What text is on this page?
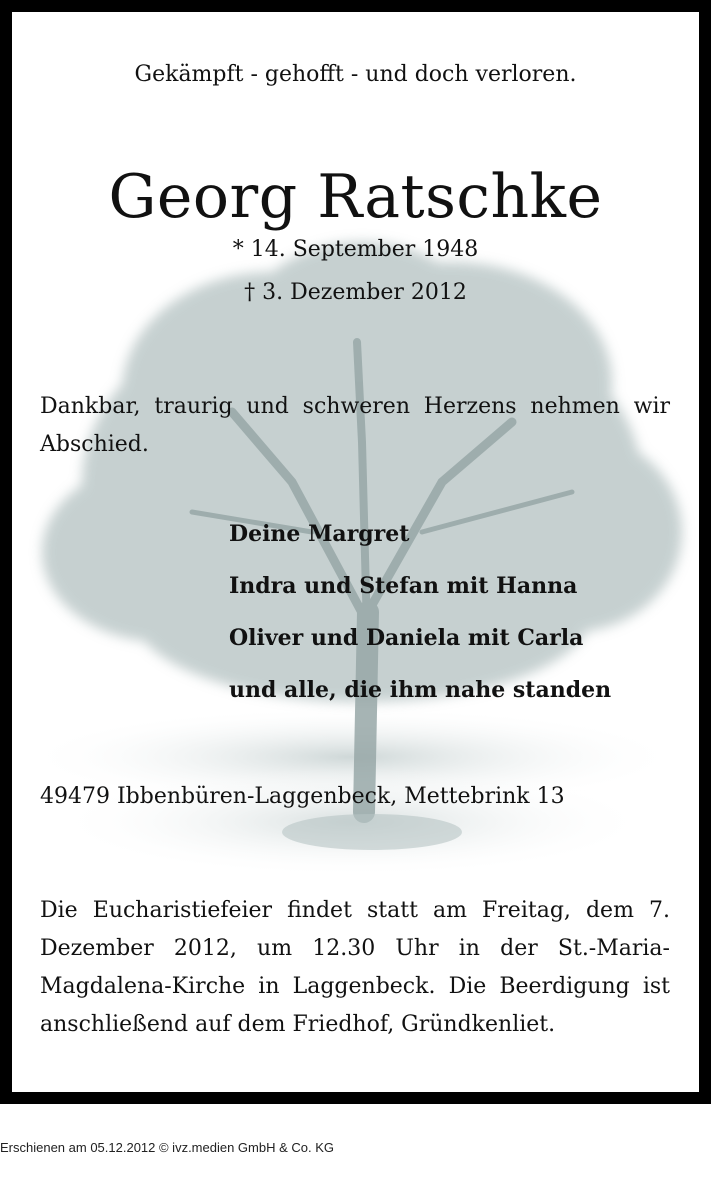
Gekämpft - gehofft - und doch verloren.
Georg Ratschke
* 14. September 1948
† 3. Dezember 2012
Dankbar, traurig und schweren Herzens nehmen wir Abschied.
Deine Margret
Indra und Stefan mit Hanna
Oliver und Daniela mit Carla
und alle, die ihm nahe standen
49479 Ibbenbüren-Laggenbeck, Mettebrink 13
Die Eucharistiefeier findet statt am Freitag, dem 7. Dezember 2012, um 12.30 Uhr in der St.-Maria-Magdalena-Kirche in Laggenbeck. Die Beerdigung ist anschließend auf dem Friedhof, Gründkenliet.
Erschienen am 05.12.2012 © ivz.medien GmbH & Co. KG
